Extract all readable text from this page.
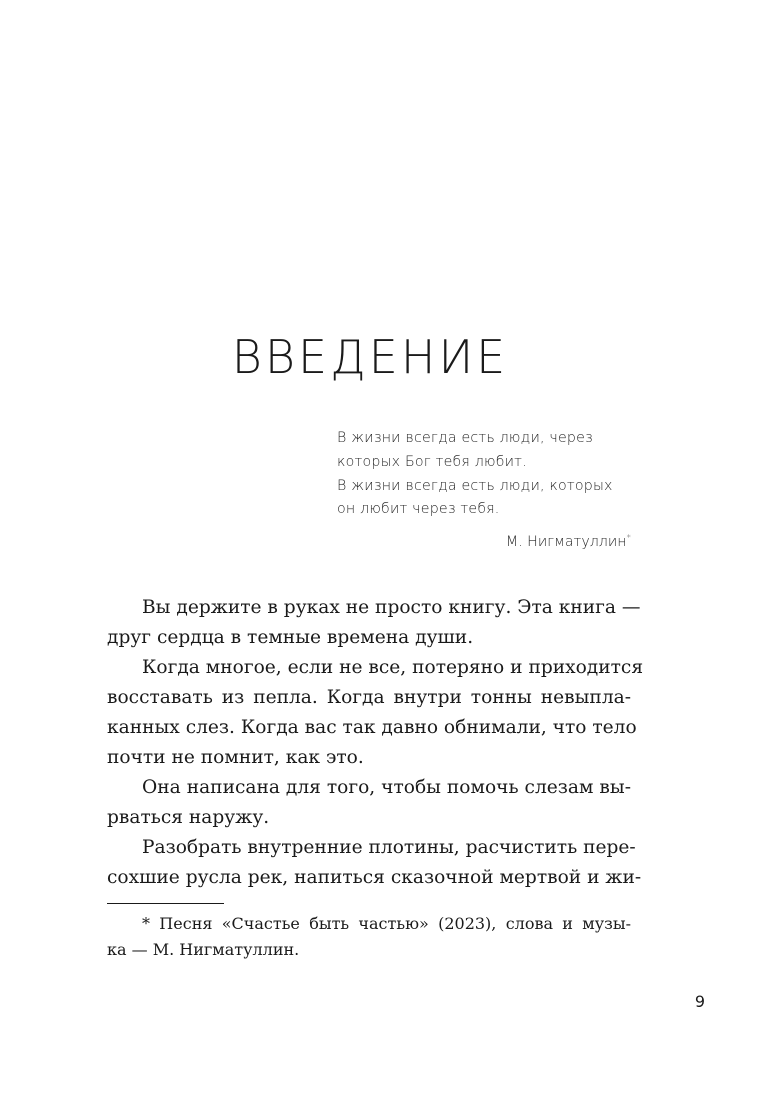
ВВЕДЕНИЕ
В жизни всегда есть люди, через
которых Бог тебя любит.
В жизни всегда есть люди, которых
он любит через тебя.
М. Нигматуллин*
Вы держите в руках не просто книгу. Эта книга —
друг сердца в темные времена души.
Когда многое, если не все, потеряно и приходится
восставать из пепла. Когда внутри тонны невыпла-
канных слез. Когда вас так давно обнимали, что тело
почти не помнит, как это.
Она написана для того, чтобы помочь слезам вы-
рваться наружу.
Разобрать внутренние плотины, расчистить пере-
сохшие русла рек, напиться сказочной мертвой и жи-
* Песня «Счастье быть частью» (2023), слова и музы-
ка — М. Нигматуллин.
9
